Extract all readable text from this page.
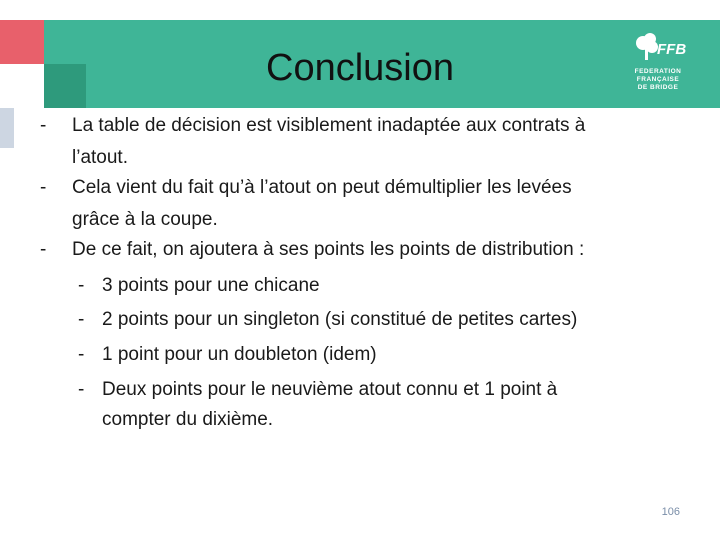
Conclusion	FFB
FEDERATION
FRANÇAISE
DE BRIDGE
- La table de décision est visiblement inadaptée aux contrats à
l’atout.
- Cela vient du fait qu’à l’atout on peut démultiplier les levées
grâce à la coupe.
- De ce fait, on ajoutera à ses points les points de distribution :
- 3 points pour une chicane
- 2 points pour un singleton (si constitué de petites cartes)
- 1 point pour un doubleton (idem)
- Deux points pour le neuvième atout connu et 1 point à
compter du dixième.
106
